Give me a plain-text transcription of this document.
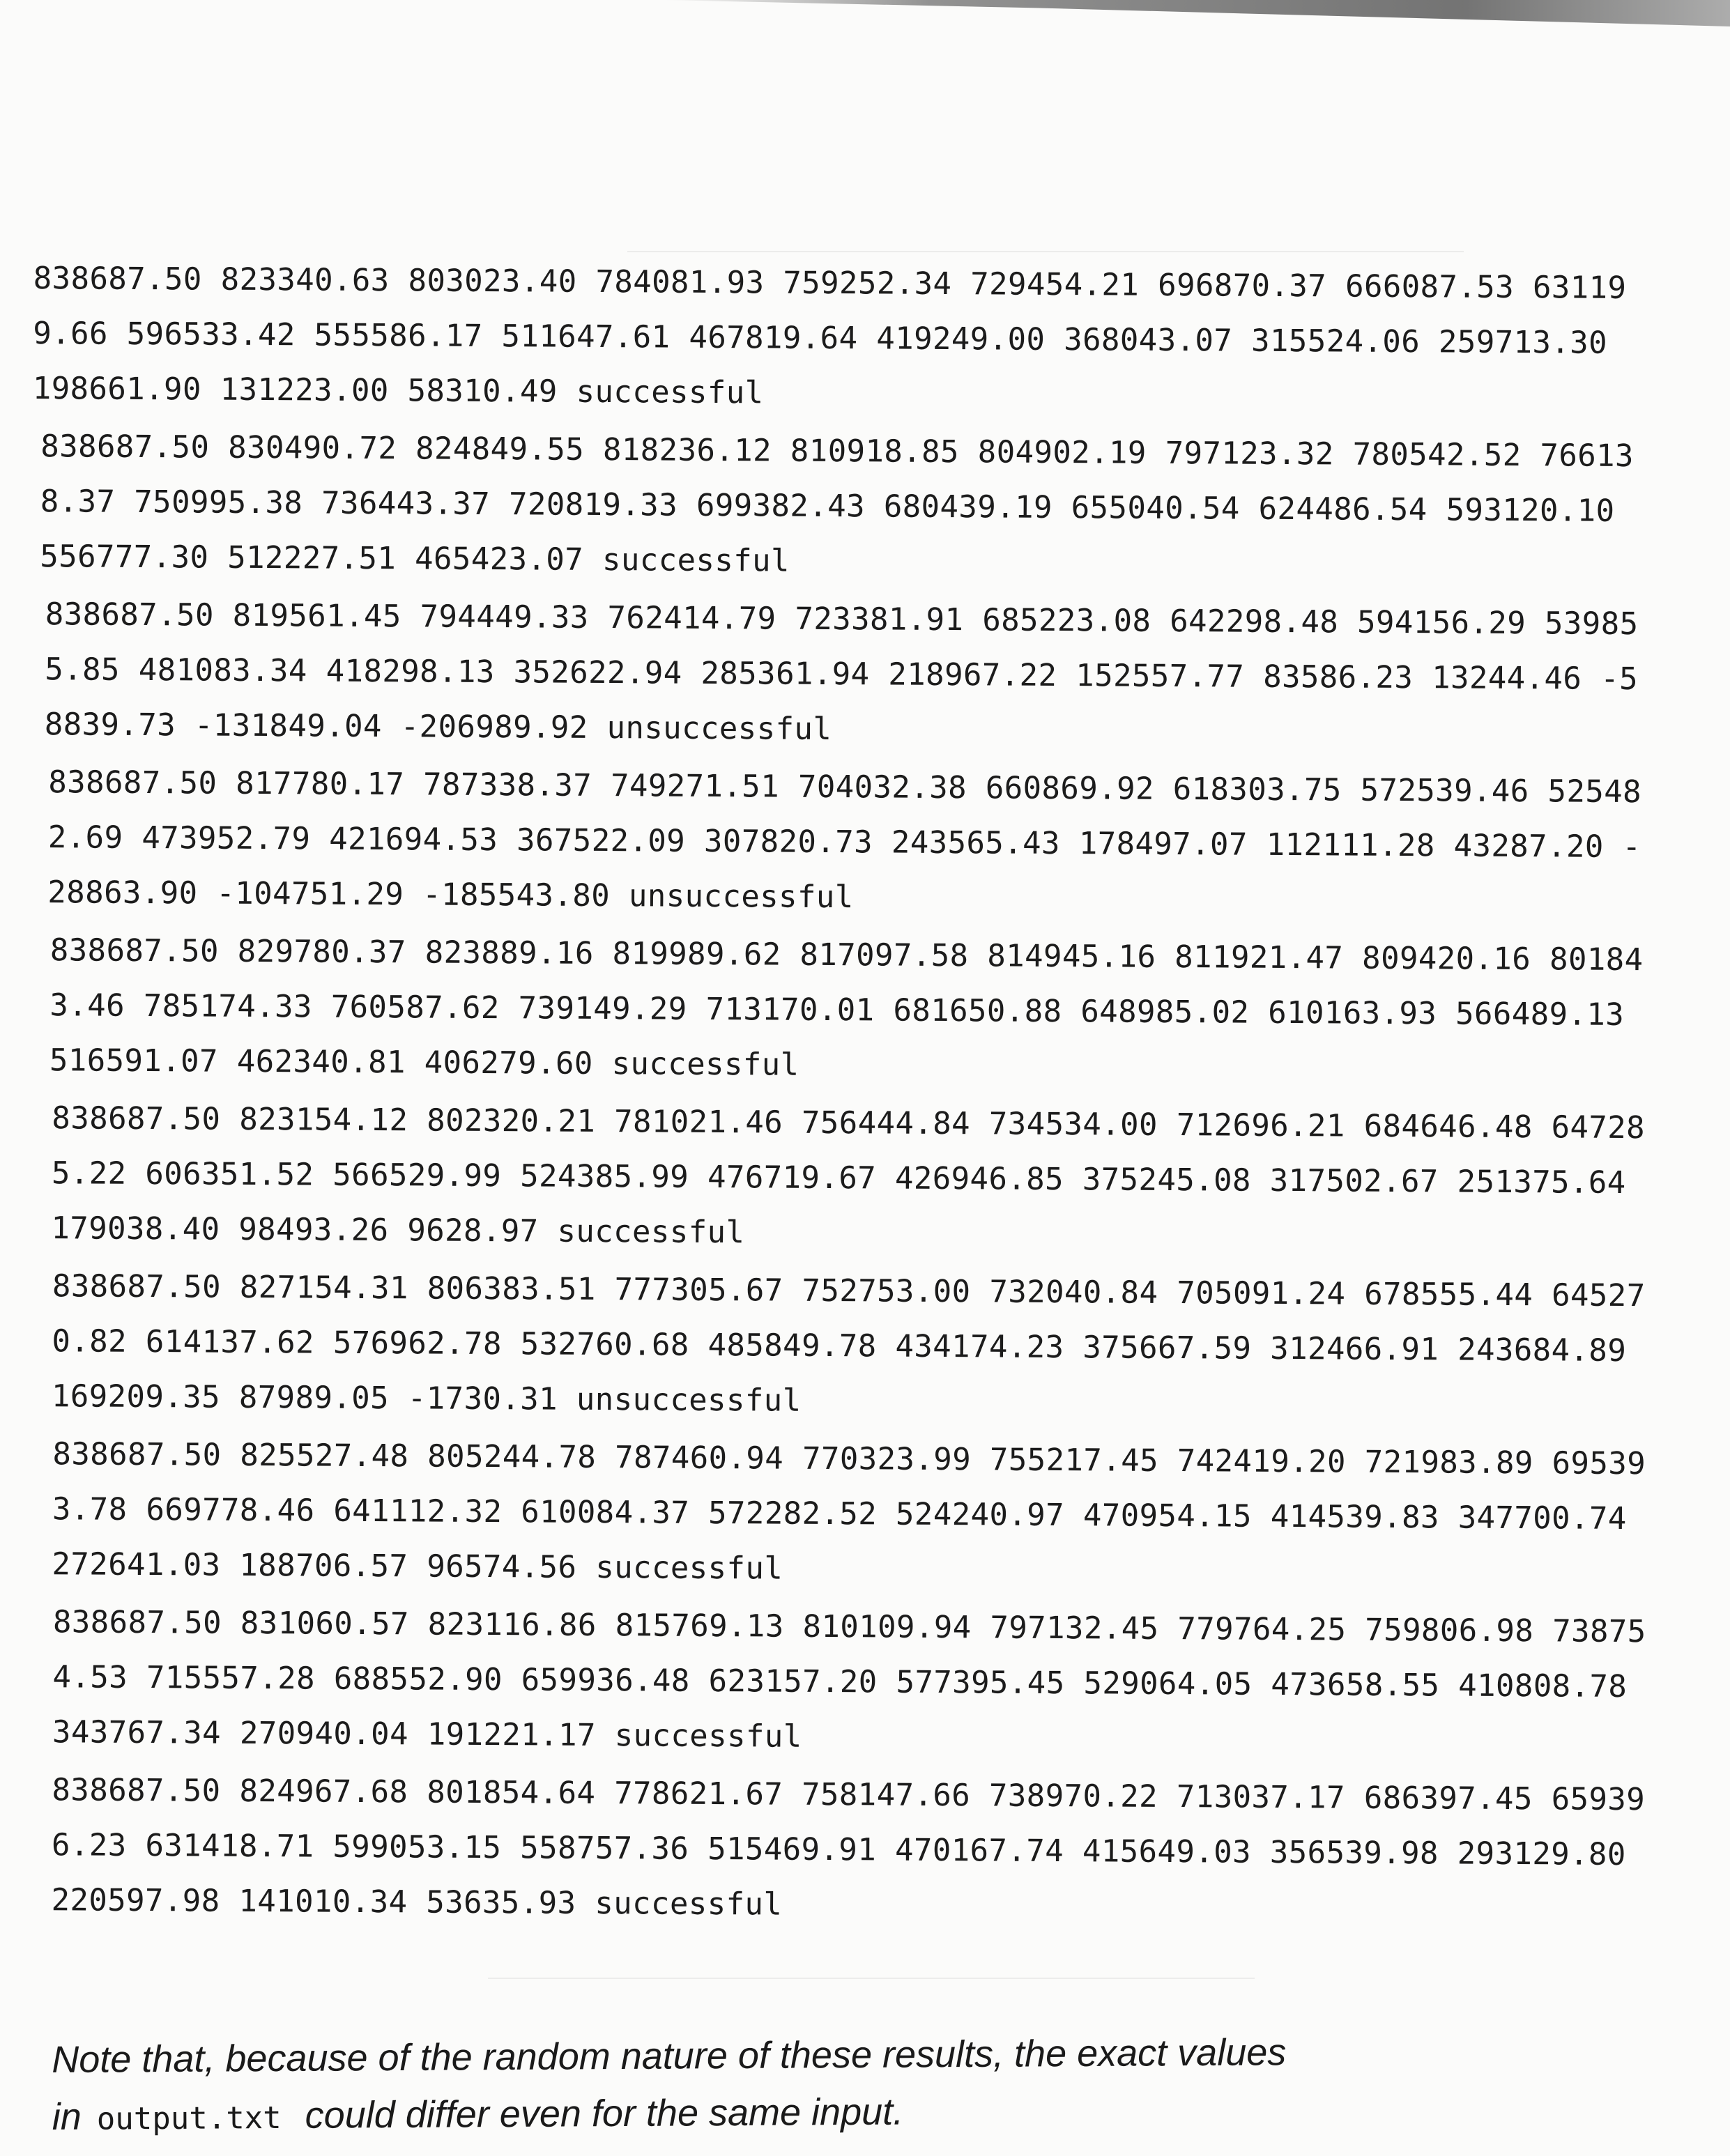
838687.50 823340.63 803023.40 784081.93 759252.34 729454.21 696870.37 666087.53 63119
9.66 596533.42 555586.17 511647.61 467819.64 419249.00 368043.07 315524.06 259713.30
198661.90 131223.00 58310.49 successful
838687.50 830490.72 824849.55 818236.12 810918.85 804902.19 797123.32 780542.52 76613
8.37 750995.38 736443.37 720819.33 699382.43 680439.19 655040.54 624486.54 593120.10
556777.30 512227.51 465423.07 successful
838687.50 819561.45 794449.33 762414.79 723381.91 685223.08 642298.48 594156.29 53985
5.85 481083.34 418298.13 352622.94 285361.94 218967.22 152557.77 83586.23 13244.46 -5
8839.73 -131849.04 -206989.92 unsuccessful
838687.50 817780.17 787338.37 749271.51 704032.38 660869.92 618303.75 572539.46 52548
2.69 473952.79 421694.53 367522.09 307820.73 243565.43 178497.07 112111.28 43287.20 -
28863.90 -104751.29 -185543.80 unsuccessful
838687.50 829780.37 823889.16 819989.62 817097.58 814945.16 811921.47 809420.16 80184
3.46 785174.33 760587.62 739149.29 713170.01 681650.88 648985.02 610163.93 566489.13
516591.07 462340.81 406279.60 successful
838687.50 823154.12 802320.21 781021.46 756444.84 734534.00 712696.21 684646.48 64728
5.22 606351.52 566529.99 524385.99 476719.67 426946.85 375245.08 317502.67 251375.64
179038.40 98493.26 9628.97 successful
838687.50 827154.31 806383.51 777305.67 752753.00 732040.84 705091.24 678555.44 64527
0.82 614137.62 576962.78 532760.68 485849.78 434174.23 375667.59 312466.91 243684.89
169209.35 87989.05 -1730.31 unsuccessful
838687.50 825527.48 805244.78 787460.94 770323.99 755217.45 742419.20 721983.89 69539
3.78 669778.46 641112.32 610084.37 572282.52 524240.97 470954.15 414539.83 347700.74
272641.03 188706.57 96574.56 successful
838687.50 831060.57 823116.86 815769.13 810109.94 797132.45 779764.25 759806.98 73875
4.53 715557.28 688552.90 659936.48 623157.20 577395.45 529064.05 473658.55 410808.78
343767.34 270940.04 191221.17 successful
838687.50 824967.68 801854.64 778621.67 758147.66 738970.22 713037.17 686397.45 65939
6.23 631418.71 599053.15 558757.36 515469.91 470167.74 415649.03 356539.98 293129.80
220597.98 141010.34 53635.93 successful
Note that, because of the random nature of these results, the exact values
in output.txt could differ even for the same input.
